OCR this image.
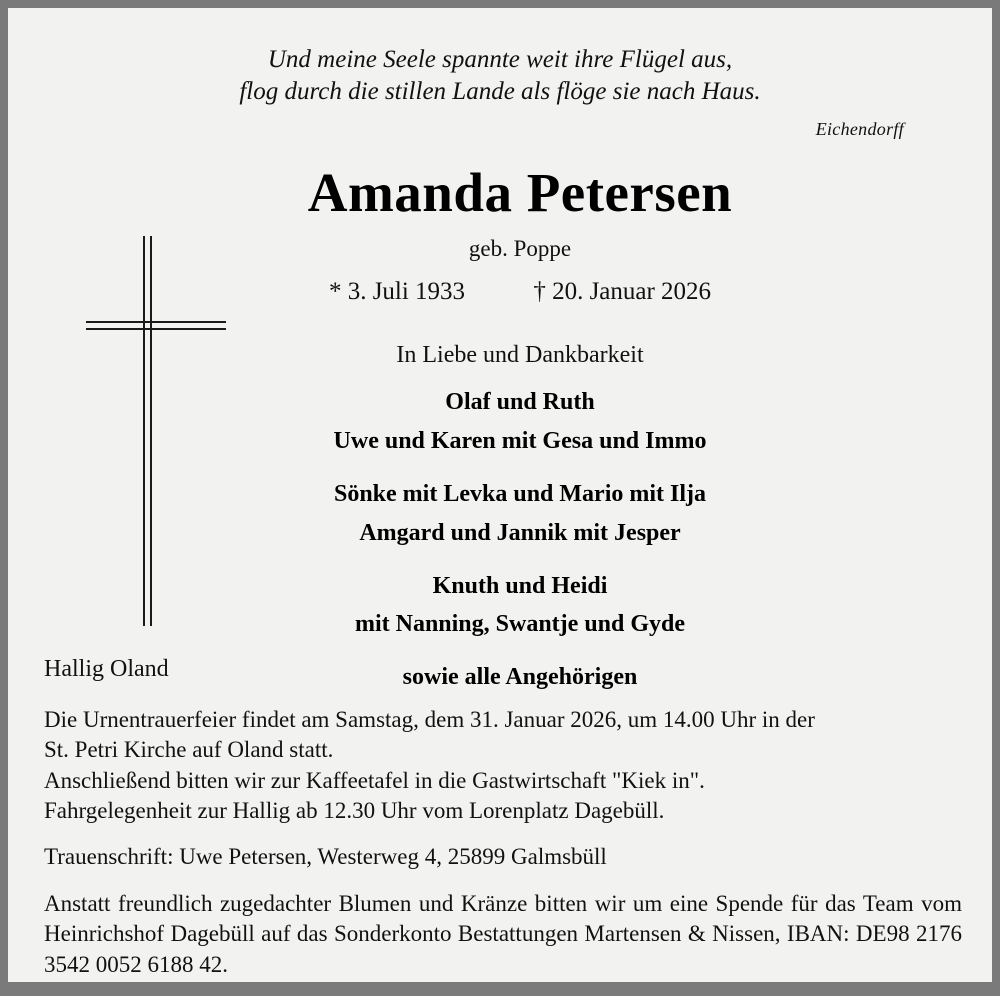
Und meine Seele spannte weit ihre Flügel aus,
flog durch die stillen Lande als flöge sie nach Haus.
Eichendorff
Amanda Petersen
geb. Poppe
* 3. Juli 1933	† 20. Januar 2026
In Liebe und Dankbarkeit
Olaf und Ruth
Uwe und Karen mit Gesa und Immo
Sönke mit Levka und Mario mit Ilja
Amgard und Jannik mit Jesper
Knuth und Heidi
mit Nanning, Swantje und Gyde
sowie alle Angehörigen
Hallig Oland
Die Urnentrauerfeier findet am Samstag, dem 31. Januar 2026, um 14.00 Uhr in der
St. Petri Kirche auf Oland statt.
Anschließend bitten wir zur Kaffeetafel in die Gastwirtschaft "Kiek in".
Fahrgelegenheit zur Hallig ab 12.30 Uhr vom Lorenplatz Dagebüll.
Trauenschrift: Uwe Petersen, Westerweg 4, 25899 Galmsbüll
Anstatt freundlich zugedachter Blumen und Kränze bitten wir um eine Spende für das Team vom Heinrichshof Dagebüll auf das Sonderkonto Bestattungen Martensen & Nissen, IBAN: DE98 2176 3542 0052 6188 42.
